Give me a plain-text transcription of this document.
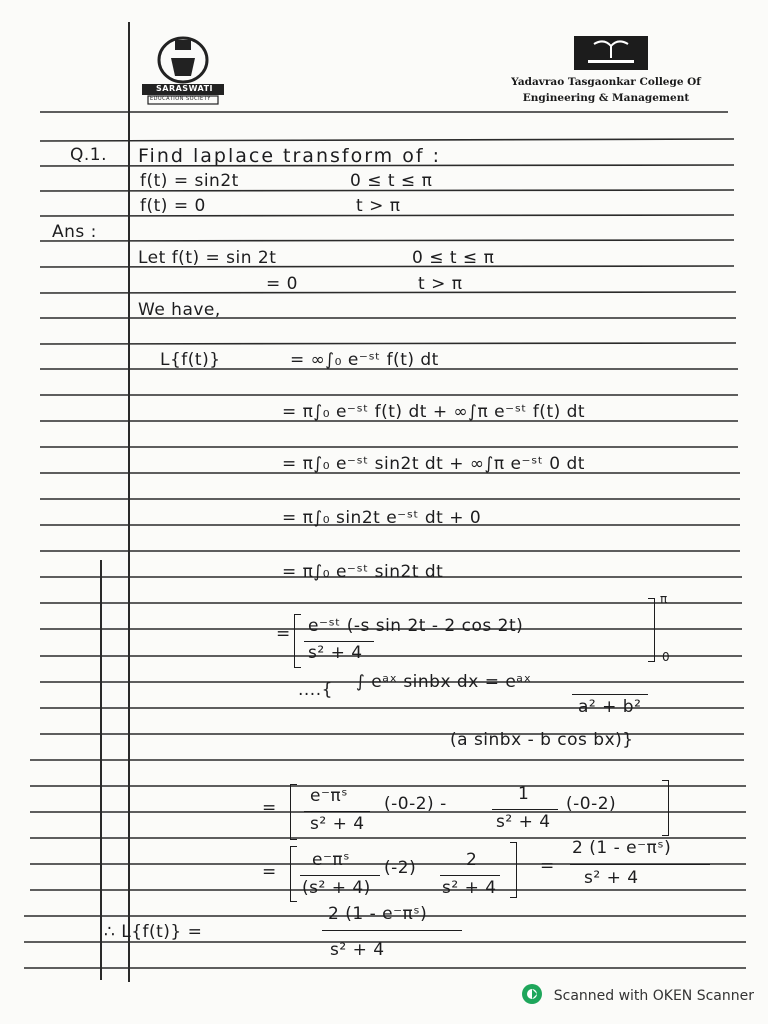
SARASWATI
EDUCATION SOCIETY
Yadavrao Tasgaonkar College Of
Engineering & Management
Q.1. Find laplace transform of :
f(t) = sin2t	0 ≤ t ≤ π
f(t) = 0	t > π
Ans :
Let f(t) = sin 2t	0 ≤ t ≤ π
= 0	t > π
We have,
L{f(t)}	= ∞∫₀ e⁻ˢᵗ f(t) dt
= π∫₀ e⁻ˢᵗ f(t) dt + ∞∫π e⁻ˢᵗ f(t) dt
= π∫₀ e⁻ˢᵗ sin2t dt + ∞∫π e⁻ˢᵗ 0 dt
= π∫₀ sin2t e⁻ˢᵗ dt + 0
= π∫₀ e⁻ˢᵗ sin2t dt
= e⁻ˢᵗ (-s sin 2t - 2 cos 2t)
s² + 4
π
0
....{ ∫ eᵃˣ sinbx dx = eᵃˣ
a² + b²
(a sinbx - b cos bx)}
=
e⁻πˢ
s² + 4
(-0-2) -	1
s² + 4
(-0-2)
=
e⁻πˢ
(s² + 4)
(-2)	2
s² + 4
=
2 (1 - e⁻πˢ)
s² + 4
∴ L{f(t)} =
2 (1 - e⁻πˢ)
s² + 4
Scanned with OKEN Scanner
